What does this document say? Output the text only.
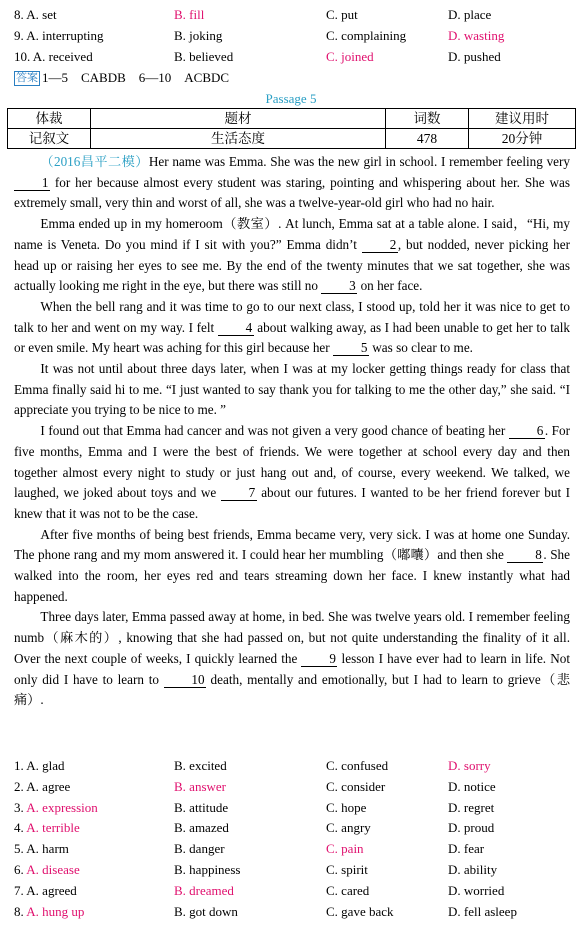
8. A. set	B. fill	C. put	D. place
9. A. interrupting	B. joking	C. complaining	D. wasting
10. A. received	B. believed	C. joined	D. pushed
答案 1—5　CABDB　6—10　ACBDC
Passage 5
体裁	题材	词数	建议用时
记叙文	生活态度	478	20分钟

（2016昌平二模）Her name was Emma. She was the new girl in school. I remember feeling very 1 for her because almost every student was staring, pointing and whispering about her. She was extremely small, very thin and worst of all, she was a twelve-year-old girl who had no hair.

Emma ended up in my homeroom（教室）. At lunch, Emma sat at a table alone. I said，“Hi, my name is Veneta. Do you mind if I sit with you?” Emma didn’t 2 , but nodded, never picking her head up or raising her eyes to see me. By the end of the twenty minutes that we sat together, she was actually looking me right in the eye, but there was still no 3 on her face.

When the bell rang and it was time to go to our next class, I stood up, told her it was nice to get to talk to her and went on my way. I felt 4 about walking away, as I had been unable to get her to talk or even smile. My heart was aching for this girl because her 5 was so clear to me.

It was not until about three days later, when I was at my locker getting things ready for class that Emma finally said hi to me. “I just wanted to say thank you for talking to me the other day,” she said. “I appreciate you trying to be nice to me. ”

I found out that Emma had cancer and was not given a very good chance of beating her 6 . For five months, Emma and I were the best of friends. We were together at school every day and then together almost every night to study or just hang out and, of course, every weekend. We talked, we laughed, we joked about toys and we 7 about our futures. I wanted to be her friend forever but I knew that it was not to be the case.

After five months of being best friends, Emma became very, very sick. I was at home one Sunday. The phone rang and my mom answered it. I could hear her mumbling（嘟囔）and then she 8 . She walked into the room, her eyes red and tears streaming down her face. I knew instantly what had happened.

Three days later, Emma passed away at home, in bed. She was twelve years old. I remember feeling numb（麻木的）, knowing that she had passed on, but not quite understanding the finality of it all. Over the next couple of weeks, I quickly learned the 9 lesson I have ever had to learn in life. Not only did I have to learn to 10 death, mentally and emotionally, but I had to learn to grieve（悲痛）.

1. A. glad	B. excited	C. confused	D. sorry
2. A. agree	B. answer	C. consider	D. notice
3. A. expression	B. attitude	C. hope	D. regret
4. A. terrible	B. amazed	C. angry	D. proud
5. A. harm	B. danger	C. pain	D. fear
6. A. disease	B. happiness	C. spirit	D. ability
7. A. agreed	B. dreamed	C. cared	D. worried
8. A. hung up	B. got down	C. gave back	D. fell asleep
